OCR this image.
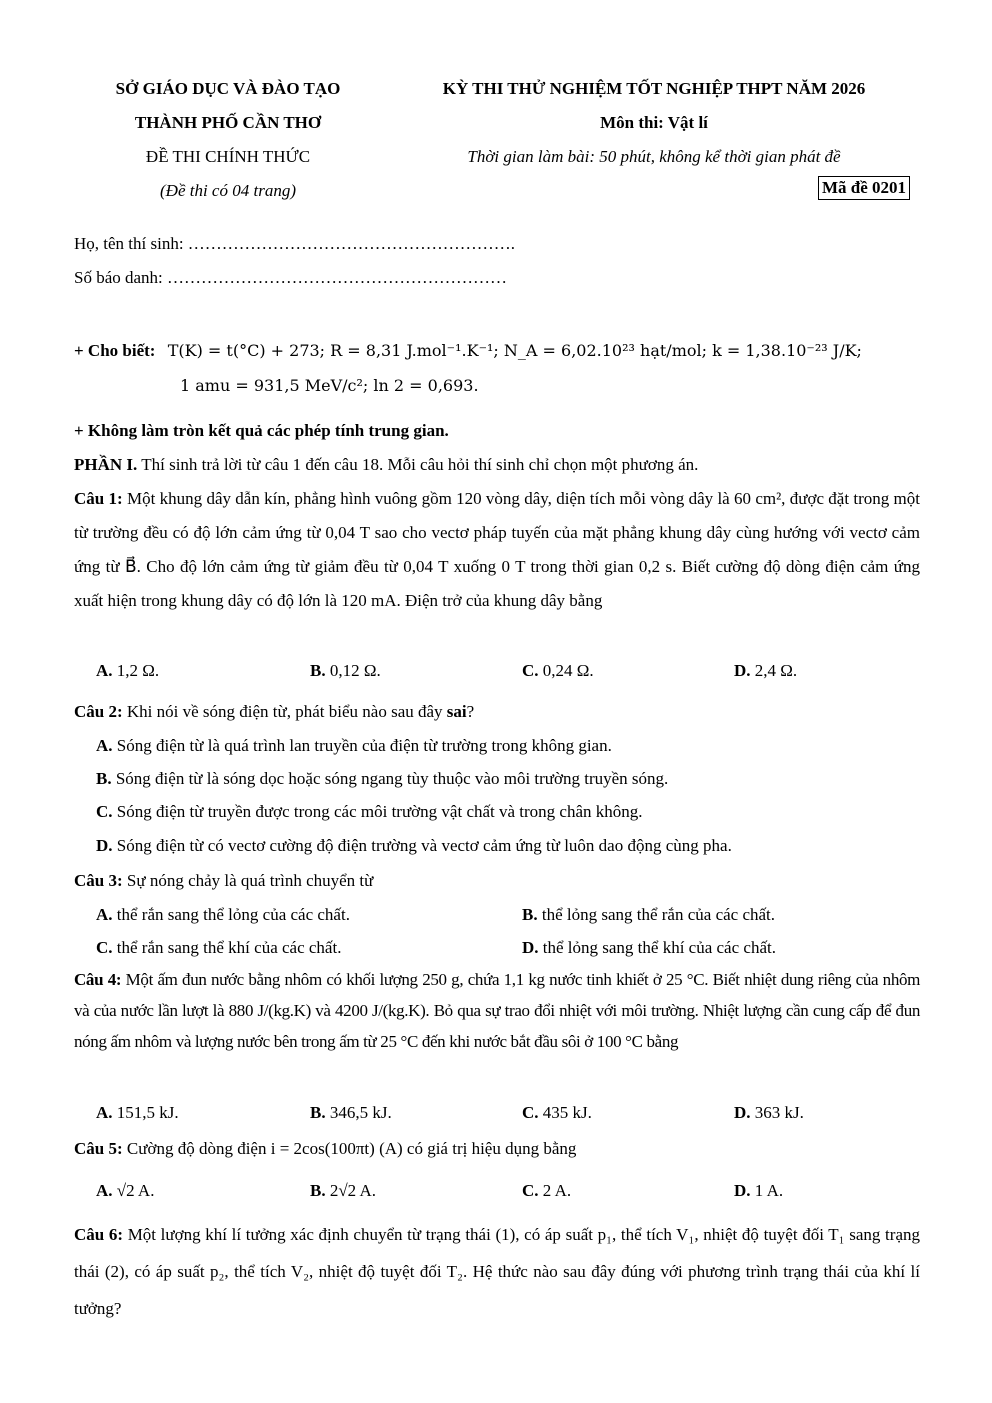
SỞ GIÁO DỤC VÀ ĐÀO TẠO
THÀNH PHỐ CẦN THƠ
ĐỀ THI CHÍNH THỨC
(Đề thi có 04 trang)
KỲ THI THỬ NGHIỆM TỐT NGHIỆP THPT NĂM 2026
Môn thi: Vật lí
Thời gian làm bài: 50 phút, không kể thời gian phát đề
Mã đề 0201
Họ, tên thí sinh: ………………………………………………….
Số báo danh: ……………………………………………………
+ Cho biết: T(K) = t(°C) + 273; R = 8,31 J.mol⁻¹.K⁻¹; N_A = 6,02.10²³ hạt/mol; k = 1,38.10⁻²³ J/K;
1 amu = 931,5 MeV/c²; ln 2 = 0,693.
+ Không làm tròn kết quả các phép tính trung gian.
PHẦN I. Thí sinh trả lời từ câu 1 đến câu 18. Mỗi câu hỏi thí sinh chỉ chọn một phương án.
Câu 1: Một khung dây dẫn kín, phẳng hình vuông gồm 120 vòng dây, diện tích mỗi vòng dây là 60 cm², được đặt trong một từ trường đều có độ lớn cảm ứng từ 0,04 T sao cho vectơ pháp tuyến của mặt phẳng khung dây cùng hướng với vectơ cảm ứng từ B⃗. Cho độ lớn cảm ứng từ giảm đều từ 0,04 T xuống 0 T trong thời gian 0,2 s. Biết cường độ dòng điện cảm ứng xuất hiện trong khung dây có độ lớn là 120 mA. Điện trở của khung dây bằng
A. 1,2 Ω.	B. 0,12 Ω.	C. 0,24 Ω.	D. 2,4 Ω.
Câu 2: Khi nói về sóng điện từ, phát biểu nào sau đây sai?
A. Sóng điện từ là quá trình lan truyền của điện từ trường trong không gian.
B. Sóng điện từ là sóng dọc hoặc sóng ngang tùy thuộc vào môi trường truyền sóng.
C. Sóng điện từ truyền được trong các môi trường vật chất và trong chân không.
D. Sóng điện từ có vectơ cường độ điện trường và vectơ cảm ứng từ luôn dao động cùng pha.
Câu 3: Sự nóng chảy là quá trình chuyển từ
A. thể rắn sang thể lỏng của các chất.	B. thể lỏng sang thể rắn của các chất.
C. thể rắn sang thể khí của các chất.	D. thể lỏng sang thể khí của các chất.
Câu 4: Một ấm đun nước bằng nhôm có khối lượng 250 g, chứa 1,1 kg nước tinh khiết ở 25 °C. Biết nhiệt dung riêng của nhôm và của nước lần lượt là 880 J/(kg.K) và 4200 J/(kg.K). Bỏ qua sự trao đổi nhiệt với môi trường. Nhiệt lượng cần cung cấp để đun nóng ấm nhôm và lượng nước bên trong ấm từ 25 °C đến khi nước bắt đầu sôi ở 100 °C bằng
A. 151,5 kJ.	B. 346,5 kJ.	C. 435 kJ.	D. 363 kJ.
Câu 5: Cường độ dòng điện i = 2cos(100πt) (A) có giá trị hiệu dụng bằng
A. √2 A.	B. 2√2 A.	C. 2 A.	D. 1 A.
Câu 6: Một lượng khí lí tưởng xác định chuyển từ trạng thái (1), có áp suất p₁, thể tích V₁, nhiệt độ tuyệt đối T₁ sang trạng thái (2), có áp suất p₂, thể tích V₂, nhiệt độ tuyệt đối T₂. Hệ thức nào sau đây đúng với phương trình trạng thái của khí lí tưởng?
